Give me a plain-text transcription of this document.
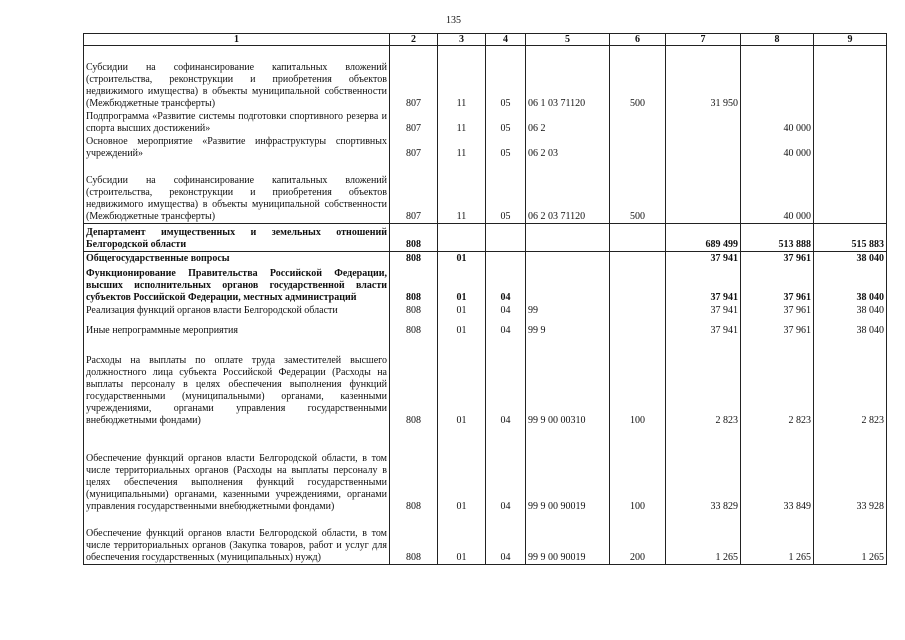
135
1	2	3	4	5	6	7	8	9
Субсидии на софинансирование капитальных вложений (строительства, реконструкции и приобретения объектов недвижимого имущества) в объекты муниципальной собственности (Межбюджетные трансферты)	807	11	05	06 1 03 71120	500	31 950		
Подпрограмма «Развитие системы подготовки спортивного резерва и спорта высших достижений»	807	11	05	06 2			40 000	
Основное мероприятие «Развитие инфраструктуры спортивных учреждений»	807	11	05	06 2 03			40 000	
Субсидии на софинансирование капитальных вложений (строительства, реконструкции и приобретения объектов недвижимого имущества) в объекты муниципальной собственности (Межбюджетные трансферты)	807	11	05	06 2 03 71120	500		40 000	
Департамент имущественных и земельных отношений Белгородской области	808					689 499	513 888	515 883
Общегосударственные вопросы	808	01				37 941	37 961	38 040
Функционирование Правительства Российской Федерации, высших исполнительных органов государственной власти субъектов Российской Федерации, местных администраций	808	01	04			37 941	37 961	38 040
Реализация функций органов власти Белгородской области	808	01	04	99		37 941	37 961	38 040
Иные непрограммные мероприятия	808	01	04	99 9		37 941	37 961	38 040
Расходы на выплаты по оплате труда заместителей высшего должностного лица субъекта Российской Федерации (Расходы на выплаты персоналу в целях обеспечения выполнения функций государственными (муниципальными) органами, казенными учреждениями, органами управления государственными внебюджетными фондами)	808	01	04	99 9 00 00310	100	2 823	2 823	2 823
Обеспечение функций органов власти Белгородской области, в том числе территориальных органов (Расходы на выплаты персоналу в целях обеспечения выполнения функций государственными (муниципальными) органами, казенными учреждениями, органами управления государственными внебюджетными фондами)	808	01	04	99 9 00 90019	100	33 829	33 849	33 928
Обеспечение функций органов власти Белгородской области, в том числе территориальных органов (Закупка товаров, работ и услуг для обеспечения государственных (муниципальных) нужд)	808	01	04	99 9 00 90019	200	1 265	1 265	1 265
